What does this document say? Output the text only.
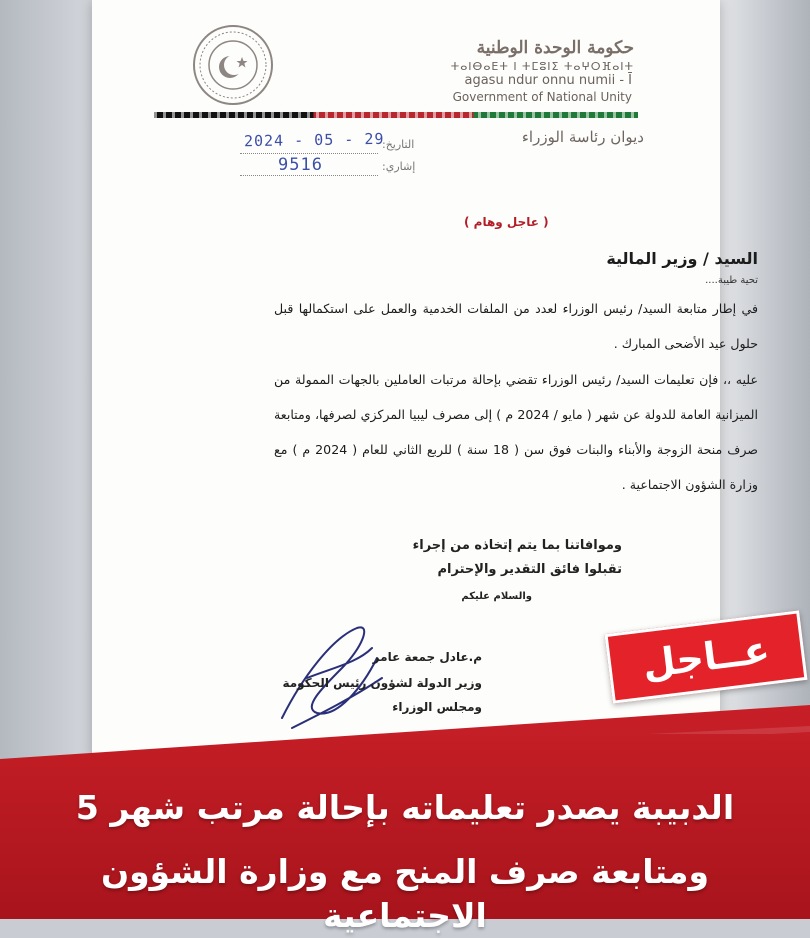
حكومة الوحدة الوطنية
ⵜⴰⵏⴱⴰⴹⵜ ⵏ ⵜⵎⵓⵏⵉ ⵜⴰⵖⵔⴼⴰⵏⵜ
agasu ndur onnu numii - Ī
Government of National Unity
ديوان رئاسة الوزراء
2024 - 05 - 29
التاريخ:
9516	إشاري:
( عاجل وهام )
السيد / وزير المالية
تحية طيبة....
في إطار متابعة السيد/ رئيس الوزراء لعدد من الملفات الخدمية والعمل على استكمالها قبل حلول عيد الأضحى المبارك .
عليه ،، فإن تعليمات السيد/ رئيس الوزراء تقضي بإحالة مرتبات العاملين بالجهات الممولة من الميزانية العامة للدولة عن شهر ( مايو / 2024 م ) إلى مصرف ليبيا المركزي لصرفها، ومتابعة صرف منحة الزوجة والأبناء والبنات فوق سن ( 18 سنة ) للربع الثاني للعام ( 2024 م ) مع وزارة الشؤون الاجتماعية .
وموافاتنا بما يتم إتخاذه من إجراء
تقبلوا فائق التقدير والإحترام
والسلام عليكم
م.عادل جمعة عامر
وزير الدولة لشؤون رئيس الحكومة
ومجلس الوزراء
عــاجل
الدبيبة يصدر تعليماته بإحالة مرتب شهر 5
ومتابعة صرف المنح مع وزارة الشؤون الاجتماعية
